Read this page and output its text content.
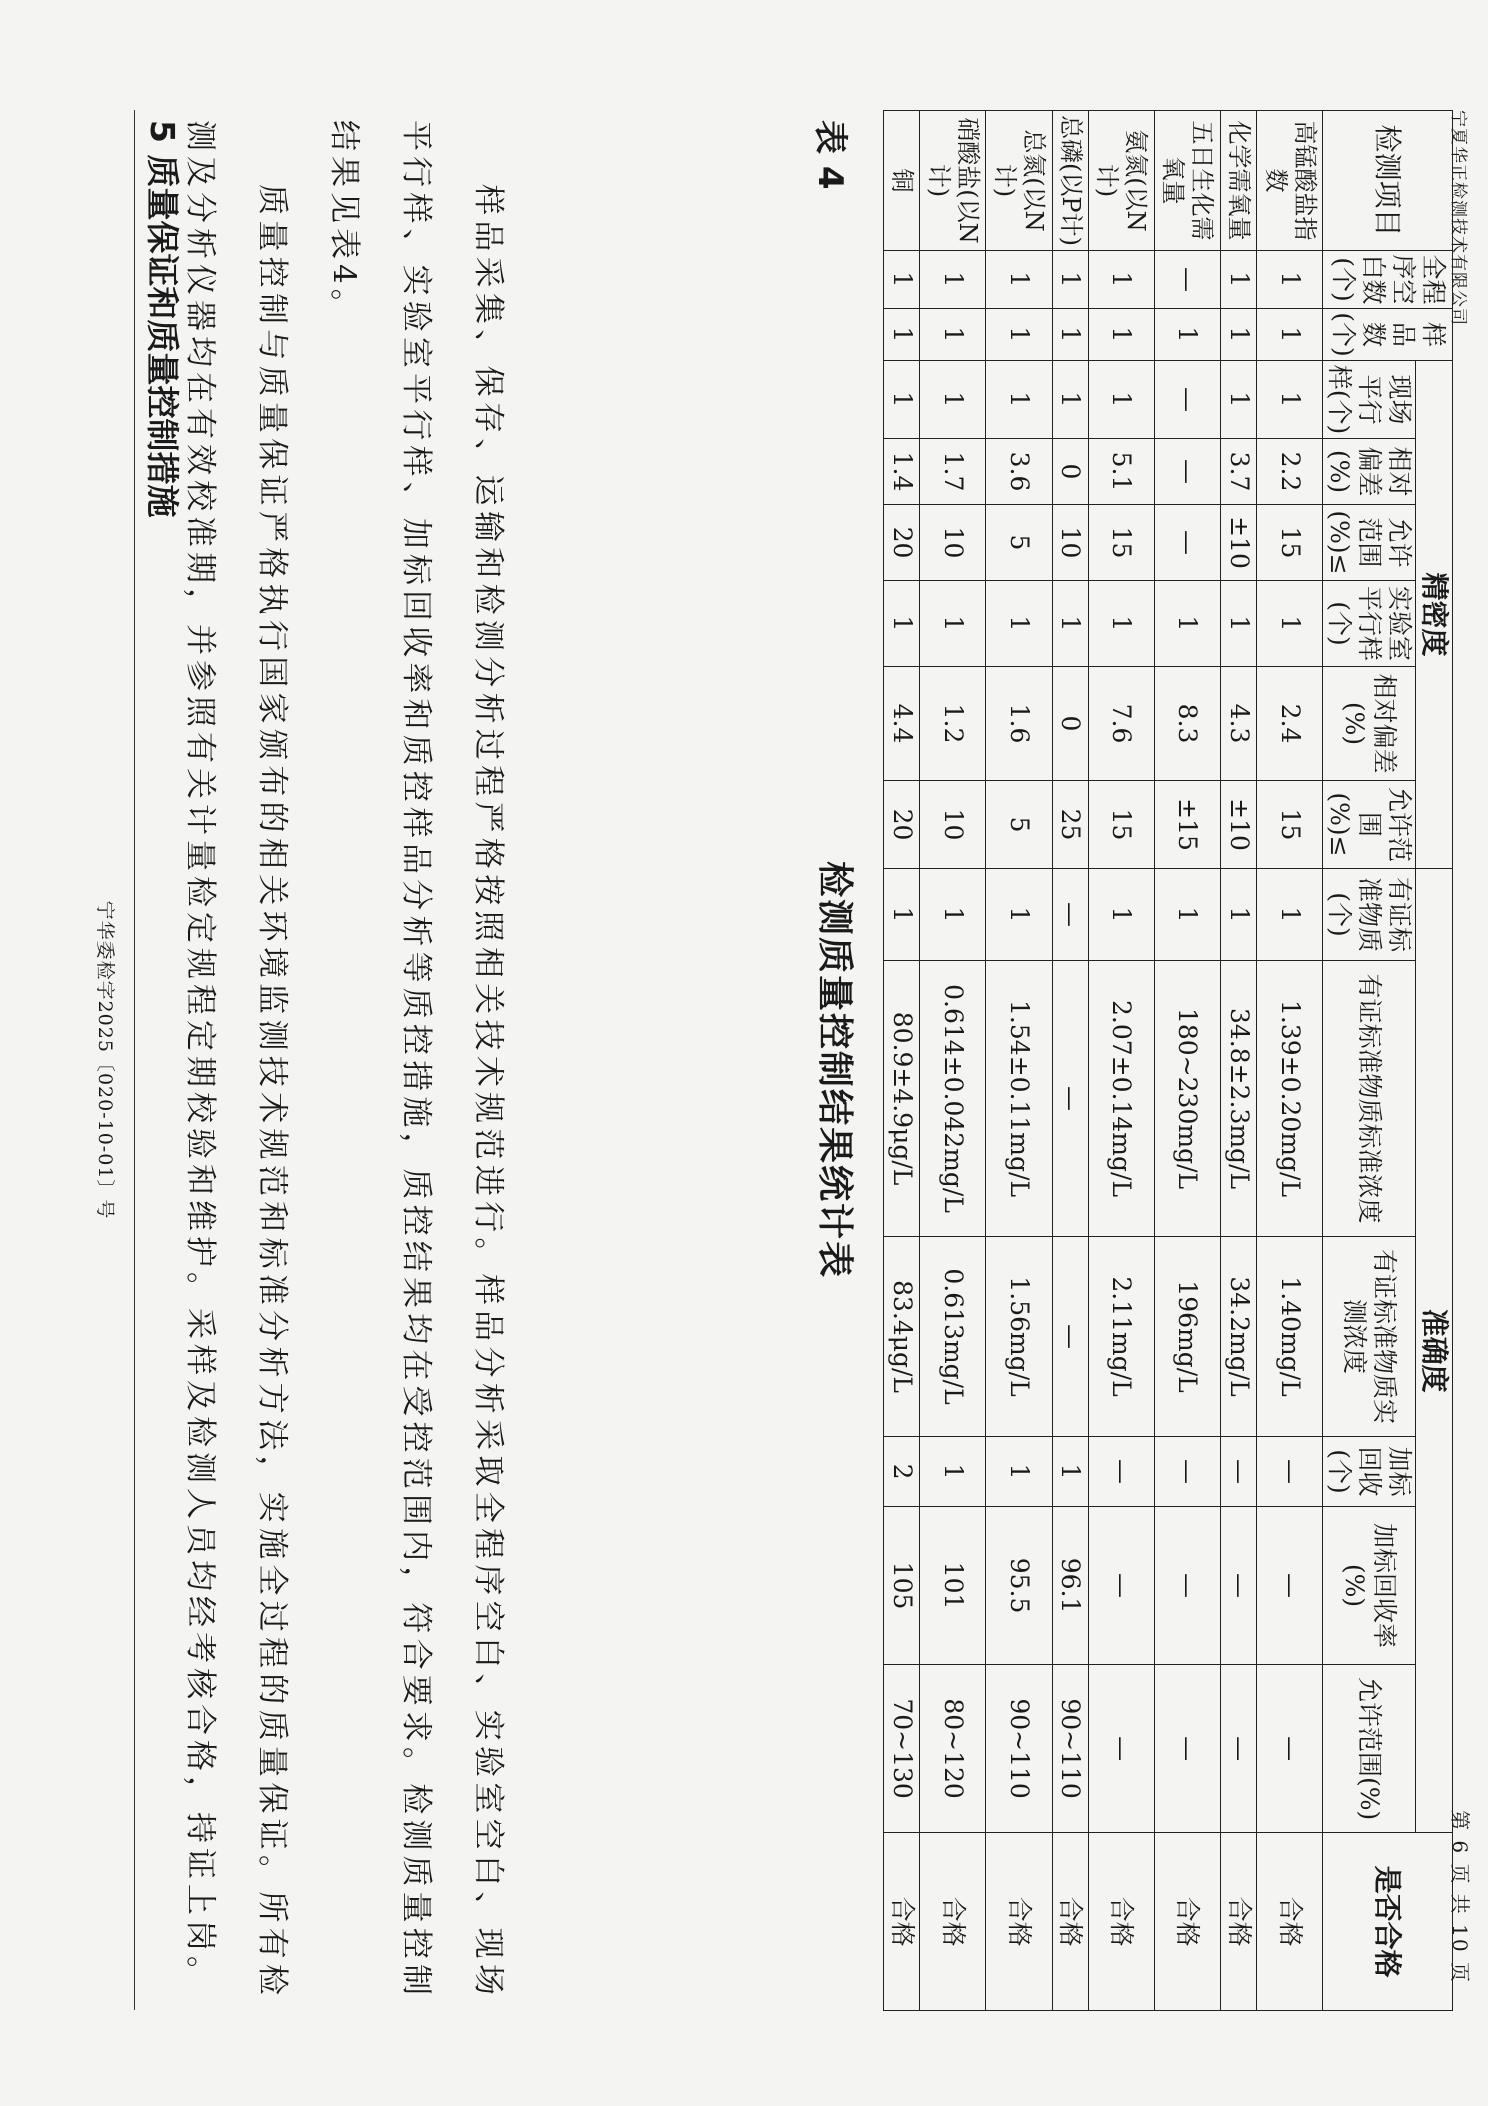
宁华委检字2025〔020-10-01〕号
5 质量保证和质量控制措施	质量控制与质量保证严格执行国家颁布的相关环境监测技术规范和标准分析方法，实施全过程的质量保证。所有检测及分析仪器均在有效校准期，并参照有关计量检定规程定期校验和维护。采样及检测人员均经考核合格，持证上岗。	样品采集、保存、运输和检测分析过程严格按照相关技术规范进行。样品分析采取全程序空白、实验室空白、现场平行样、实验室平行样、加标回收率和质控样品分析等质控措施，质控结果均在受控范围内，符合要求。检测质量控制结果见表4。	表 4
检测质量控制结果统计表
检测项目	全程序空白数(个)	样品数(个)	精密度						准确度						是否合格
			现场平行样(个)	相对偏差(%)	允许范围(%)≤	实验室平行样(个)	相对偏差(%)	允许范围(%)≤	有证标准物质(个)	有证标准物质标准浓度	有证标准物质实测浓度	加标回收(个)	加标回收率(%)	允许范围(%)	
高锰酸盐指数	1	1	1	2.2	15	1	2.4	15	1	1.39±0.20mg/L	1.40mg/L	—	—	—	合格
化学需氧量	1	1	1	3.7	±10	1	4.3	±10	1	34.8±2.3mg/L	34.2mg/L	—	—	—	合格
五日生化需氧量	—	1	—	—	—	1	8.3	±15	1	180~230mg/L	196mg/L	—	—	—	合格
氨氮(以N计)	1	1	1	5.1	15	1	7.6	15	1	2.07±0.14mg/L	2.11mg/L	—	—	—	合格
总磷(以P计)	1	1	1	0	10	1	0	25	—	—	—	1	96.1	90~110	合格
总氮(以N计)	1	1	1	3.6	5	1	1.6	5	1	1.54±0.11mg/L	1.56mg/L	1	95.5	90~110	合格
硝酸盐(以N计)	1	1	1	1.7	10	1	1.2	10	1	0.614±0.042mg/L	0.613mg/L	1	101	80~120	合格
铜	1	1	1	1.4	20	1	4.4	20	1	80.9±4.9μg/L	83.4μg/L	2	105	70~130	合格
宁夏华正检测技术有限公司
第 6 页 共 10 页
